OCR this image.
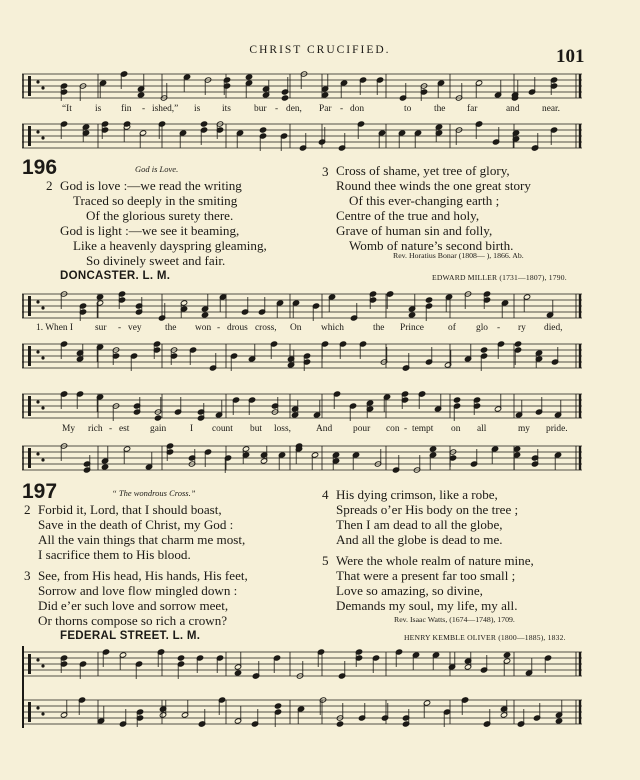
CHRIST CRUCIFIED.	101
“It is fin - ished,” is its bur - den, Par - don	to the far	and near.
196	God is Love.
2 God is love :—we read the writing
Traced so deeply in the smiting
Of the glorious surety there.
God is light :—we see it beaming,
Like a heavenly dayspring gleaming,
So divinely sweet and fair.
3 Cross of shame, yet tree of glory,
Round thee winds the one great story
Of this ever-changing earth ;
Centre of the true and holy,
Grave of human sin and folly,
Womb of nature’s second birth.
Rev. Horatius Bonar (1808— ), 1866. Ab.
DONCASTER. L. M.	EDWARD MILLER (1731—1807), 1790.
1. When I sur - vey the won - drous cross, On which	the Prince	of glo - ry died,
My rich - est gain	I count but loss,	And pour con - tempt on all	my pride.
197	“ The wondrous Cross.”
2 Forbid it, Lord, that I should boast,
Save in the death of Christ, my God :
All the vain things that charm me most,
I sacrifice them to His blood.
3 See, from His head, His hands, His feet,
Sorrow and love flow mingled down :
Did e’er such love and sorrow meet,
Or thorns compose so rich a crown?
4 His dying crimson, like a robe,
Spreads o’er His body on the tree ;
Then I am dead to all the globe,
And all the globe is dead to me.
5 Were the whole realm of nature mine,
That were a present far too small ;
Love so amazing, so divine,
Demands my soul, my life, my all.
Rev. Isaac Watts, (1674—1748), 1709.
FEDERAL STREET. L. M.	HENRY KEMBLE OLIVER (1800—1885), 1832.
